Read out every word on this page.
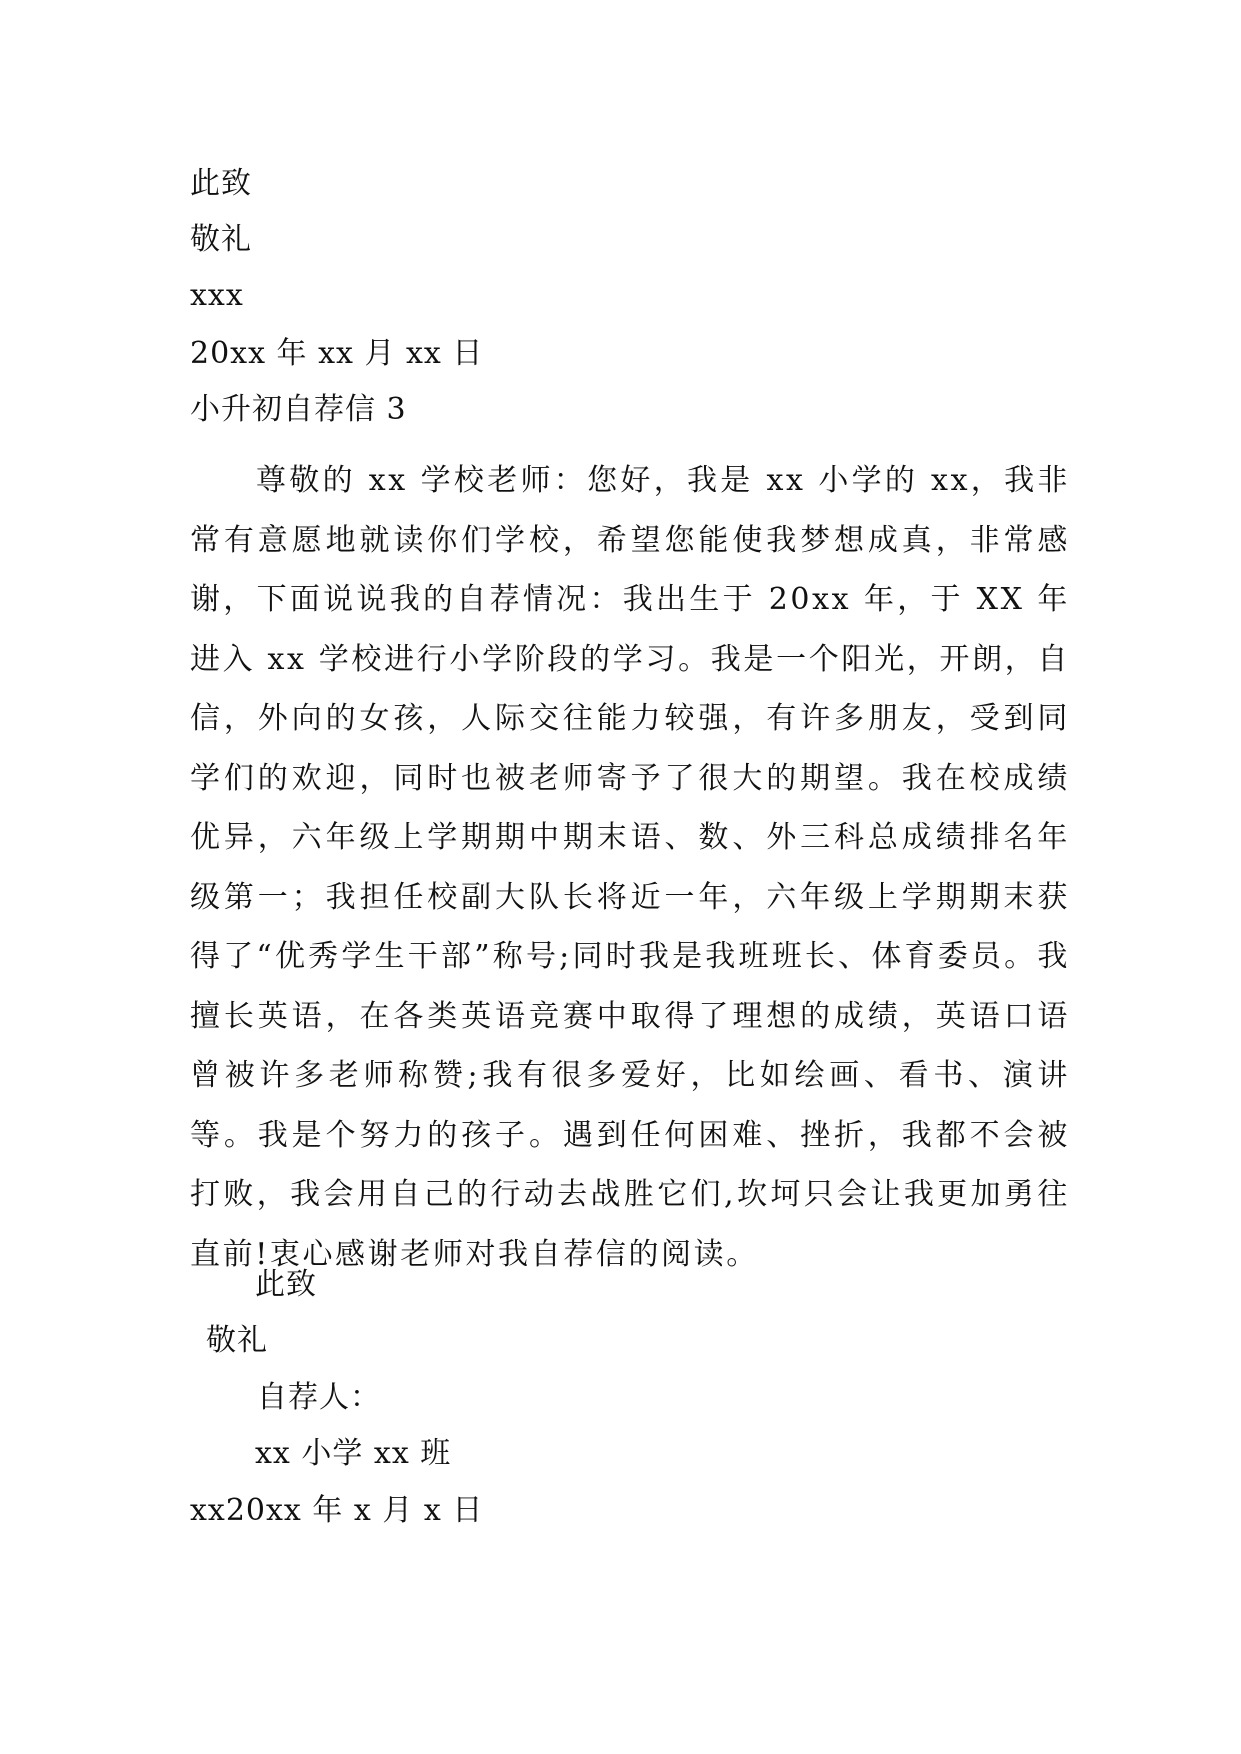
此致
敬礼
xxx
20xx 年 xx 月 xx 日
小升初自荐信 3
尊敬的 xx 学校老师：您好，我是 xx 小学的 xx，我非常有意愿地就读你们学校，希望您能使我梦想成真，非常感谢，下面说说我的自荐情况：我出生于 20xx 年，于 XX 年进入 xx 学校进行小学阶段的学习。我是一个阳光，开朗，自信，外向的女孩，人际交往能力较强，有许多朋友，受到同学们的欢迎，同时也被老师寄予了很大的期望。我在校成绩优异，六年级上学期期中期末语、数、外三科总成绩排名年级第一；我担任校副大队长将近一年，六年级上学期期末获得了“优秀学生干部”称号;同时我是我班班长、体育委员。我擅长英语，在各类英语竞赛中取得了理想的成绩，英语口语曾被许多老师称赞;我有很多爱好，比如绘画、看书、演讲等。我是个努力的孩子。遇到任何困难、挫折，我都不会被打败，我会用自己的行动去战胜它们,坎坷只会让我更加勇往直前!衷心感谢老师对我自荐信的阅读。
此致
敬礼
自荐人：
xx 小学 xx 班
xx20xx 年 x 月 x 日
